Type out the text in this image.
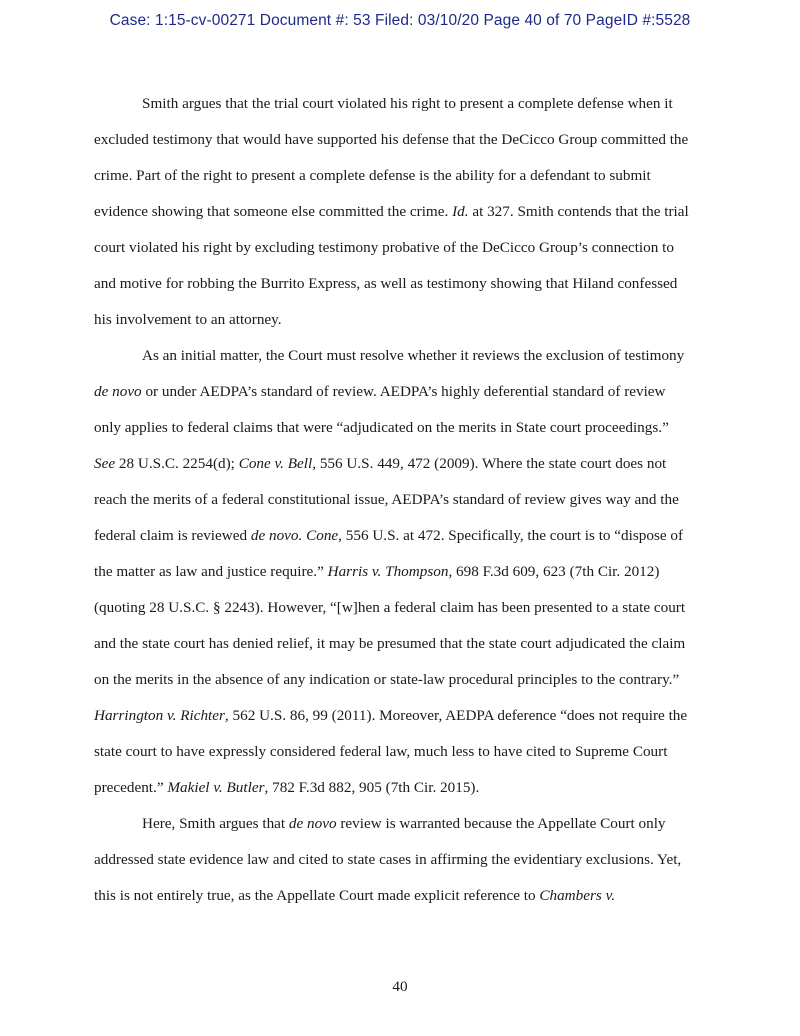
Case: 1:15-cv-00271 Document #: 53 Filed: 03/10/20 Page 40 of 70 PageID #:5528
Smith argues that the trial court violated his right to present a complete defense when it
excluded testimony that would have supported his defense that the DeCicco Group committed the
crime. Part of the right to present a complete defense is the ability for a defendant to submit
evidence showing that someone else committed the crime. Id. at 327. Smith contends that the trial
court violated his right by excluding testimony probative of the DeCicco Group’s connection to
and motive for robbing the Burrito Express, as well as testimony showing that Hiland confessed
his involvement to an attorney.
As an initial matter, the Court must resolve whether it reviews the exclusion of testimony
de novo or under AEDPA’s standard of review. AEDPA’s highly deferential standard of review
only applies to federal claims that were “adjudicated on the merits in State court proceedings.”
See 28 U.S.C. 2254(d); Cone v. Bell, 556 U.S. 449, 472 (2009). Where the state court does not
reach the merits of a federal constitutional issue, AEDPA’s standard of review gives way and the
federal claim is reviewed de novo. Cone, 556 U.S. at 472. Specifically, the court is to “dispose of
the matter as law and justice require.” Harris v. Thompson, 698 F.3d 609, 623 (7th Cir. 2012)
(quoting 28 U.S.C. § 2243). However, “[w]hen a federal claim has been presented to a state court
and the state court has denied relief, it may be presumed that the state court adjudicated the claim
on the merits in the absence of any indication or state-law procedural principles to the contrary.”
Harrington v. Richter, 562 U.S. 86, 99 (2011). Moreover, AEDPA deference “does not require the
state court to have expressly considered federal law, much less to have cited to Supreme Court
precedent.” Makiel v. Butler, 782 F.3d 882, 905 (7th Cir. 2015).
Here, Smith argues that de novo review is warranted because the Appellate Court only
addressed state evidence law and cited to state cases in affirming the evidentiary exclusions. Yet,
this is not entirely true, as the Appellate Court made explicit reference to Chambers v.
40
